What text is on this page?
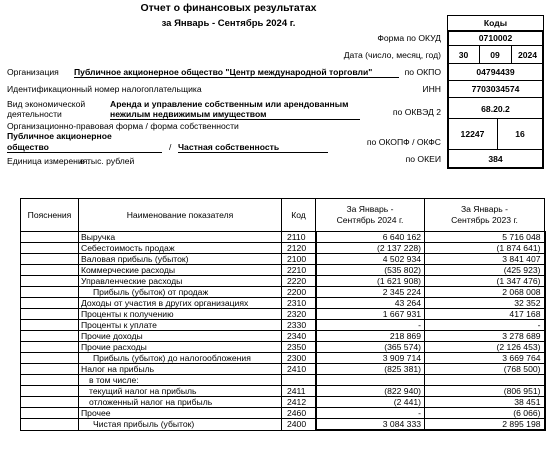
Отчет о финансовых результатах
за Январь - Сентябрь 2024 г.	Коды
Форма по ОКУД	0710002
Дата (число, месяц, год)	30	09	2024
по ОКПО	04794439
ИНН	7703034574
по ОКВЭД 2	68.20.2
по ОКОПФ / ОКФС
12247	16
по ОКЕИ	384
Организация Публичное акционерное общество "Центр международной торговли"
Идентификационный номер налогоплательщика
Вид экономической
деятельности
Аренда и управление собственным или арендованным
нежилым недвижимым имуществом
Организационно-правовая форма / форма собственности
Публичное акционерное
общество	/ Частная собственность
Единица измерения:
в тыс. рублей
Пояснения	Наименование показателя	Код	За Январь - Сентябрь 2024 г.	За Январь - Сентябрь 2023 г.
	Выручка	2110	6 640 162	5 716 048
	Себестоимость продаж	2120	(2 137 228)	(1 874 641)
	Валовая прибыль (убыток)	2100	4 502 934	3 841 407
	Коммерческие расходы	2210	(535 802)	(425 923)
	Управленческие расходы	2220	(1 621 908)	(1 347 476)
	Прибыль (убыток) от продаж	2200	2 345 224	2 068 008
	Доходы от участия в других организациях	2310	43 264	32 352
	Проценты к получению	2320	1 667 931	417 168
	Проценты к уплате	2330	-	-
	Прочие доходы	2340	218 869	3 278 689
	Прочие расходы	2350	(365 574)	(2 126 453)
	Прибыль (убыток) до налогообложения	2300	3 909 714	3 669 764
	Налог на прибыль	2410	(825 381)	(768 500)
	в том числе:			
	текущий налог на прибыль	2411	(822 940)	(806 951)
	отложенный налог на прибыль	2412	(2 441)	38 451
	Прочее	2460	-	(6 066)
	Чистая прибыль (убыток)	2400	3 084 333	2 895 198
